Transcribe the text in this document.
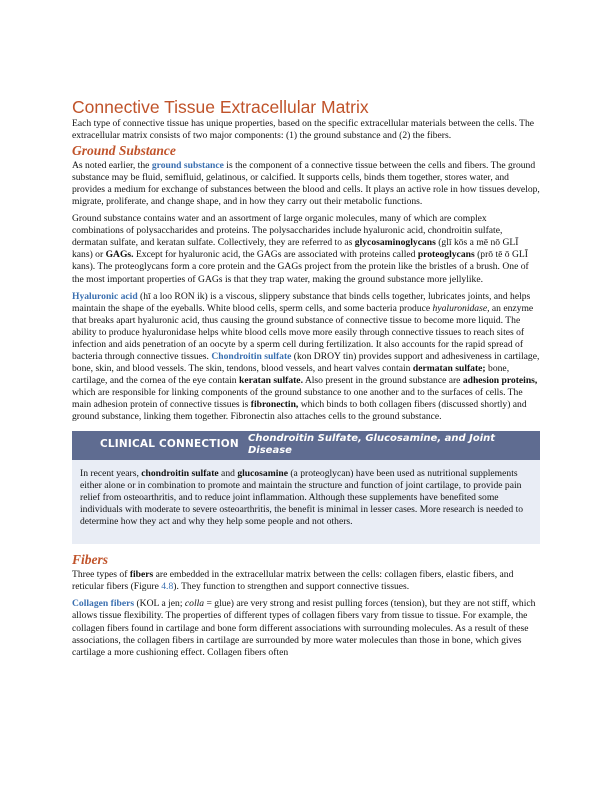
Connective Tissue Extracellular Matrix

Each type of connective tissue has unique properties, based on the specific extracellular materials between the cells. The extracellular matrix consists of two major components: (1) the ground substance and (2) the fibers.

Ground Substance

As noted earlier, the ground substance is the component of a connective tissue between the cells and fibers. The ground substance may be fluid, semifluid, gelatinous, or calcified. It supports cells, binds them together, stores water, and provides a medium for exchange of substances between the blood and cells. It plays an active role in how tissues develop, migrate, proliferate, and change shape, and in how they carry out their metabolic functions.

Ground substance contains water and an assortment of large organic molecules, many of which are complex combinations of polysaccharides and proteins. The polysaccharides include hyaluronic acid, chondroitin sulfate, dermatan sulfate, and keratan sulfate. Collectively, they are referred to as glycosaminoglycans (glī kōs a mē nō GLĪ kans) or GAGs. Except for hyaluronic acid, the GAGs are associated with proteins called proteoglycans (prō tē ō GLĪ kans). The proteoglycans form a core protein and the GAGs project from the protein like the bristles of a brush. One of the most important properties of GAGs is that they trap water, making the ground substance more jellylike.

Hyaluronic acid (hī a loo RON ik) is a viscous, slippery substance that binds cells together, lubricates joints, and helps maintain the shape of the eyeballs. White blood cells, sperm cells, and some bacteria produce hyaluronidase, an enzyme that breaks apart hyaluronic acid, thus causing the ground substance of connective tissue to become more liquid. The ability to produce hyaluronidase helps white blood cells move more easily through connective tissues to reach sites of infection and aids penetration of an oocyte by a sperm cell during fertilization. It also accounts for the rapid spread of bacteria through connective tissues. Chondroitin sulfate (kon DROY tin) provides support and adhesiveness in cartilage, bone, skin, and blood vessels. The skin, tendons, blood vessels, and heart valves contain dermatan sulfate; bone, cartilage, and the cornea of the eye contain keratan sulfate. Also present in the ground substance are adhesion proteins, which are responsible for linking components of the ground substance to one another and to the surfaces of cells. The main adhesion protein of connective tissues is fibronectin, which binds to both collagen fibers (discussed shortly) and ground substance, linking them together. Fibronectin also attaches cells to the ground substance.

CLINICAL CONNECTION Chondroitin Sulfate, Glucosamine, and Joint Disease

In recent years, chondroitin sulfate and glucosamine (a proteoglycan) have been used as nutritional supplements either alone or in combination to promote and maintain the structure and function of joint cartilage, to provide pain relief from osteoarthritis, and to reduce joint inflammation. Although these supplements have benefited some individuals with moderate to severe osteoarthritis, the benefit is minimal in lesser cases. More research is needed to determine how they act and why they help some people and not others.

Fibers

Three types of fibers are embedded in the extracellular matrix between the cells: collagen fibers, elastic fibers, and reticular fibers (Figure 4.8). They function to strengthen and support connective tissues.

Collagen fibers (KOL a jen; colla = glue) are very strong and resist pulling forces (tension), but they are not stiff, which allows tissue flexibility. The properties of different types of collagen fibers vary from tissue to tissue. For example, the collagen fibers found in cartilage and bone form different associations with surrounding molecules. As a result of these associations, the collagen fibers in cartilage are surrounded by more water molecules than those in bone, which gives cartilage a more cushioning effect. Collagen fibers often
